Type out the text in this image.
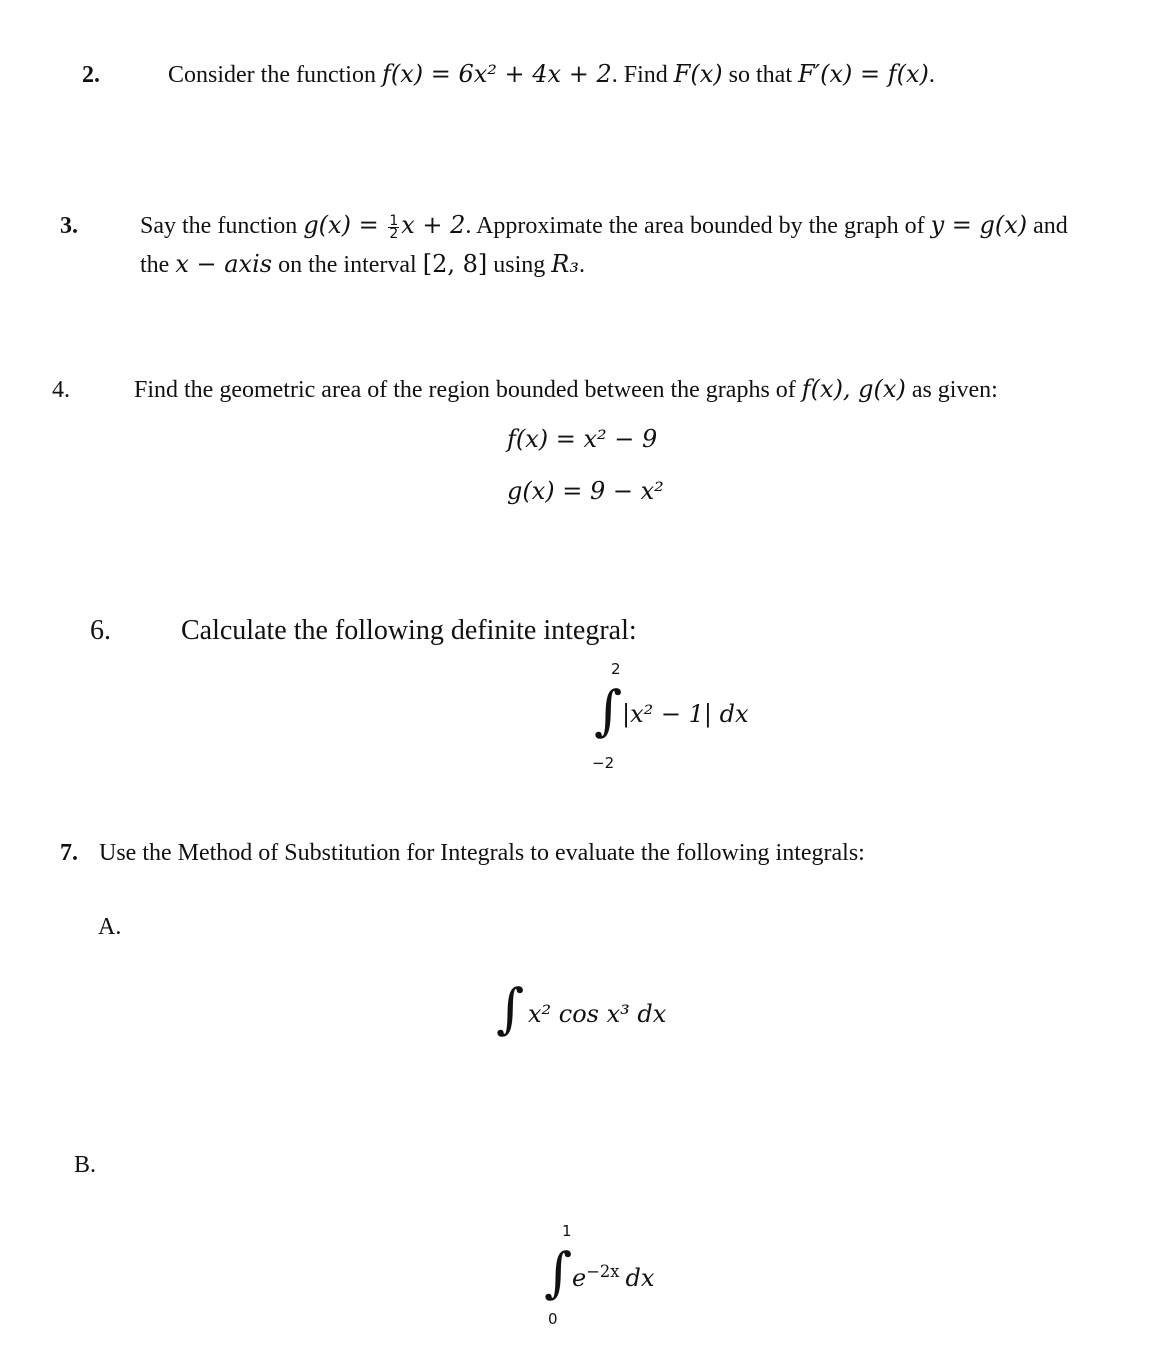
2.	Consider the function f(x) = 6x² + 4x + 2. Find F(x) so that F′(x) = f(x).
3.	Say the function $g(x) = \frac{1}{2}$ x + 2. Approximate the area bounded by the graph of y = g(x) and
the x − axis on the interval [2, 8] using R₃.
4.	Find the geometric area of the region bounded between the graphs of f(x), g(x) as given:
f(x) = x² − 9
g(x) = 9 − x²
6.	Calculate the following definite integral:
2
∫
−2
|x² − 1| dx
7. Use the Method of Substitution for Integrals to evaluate the following integrals:
A.
∫ x² cos x³ dx
B.
1
∫
0
$e^{-2x}$ dx
